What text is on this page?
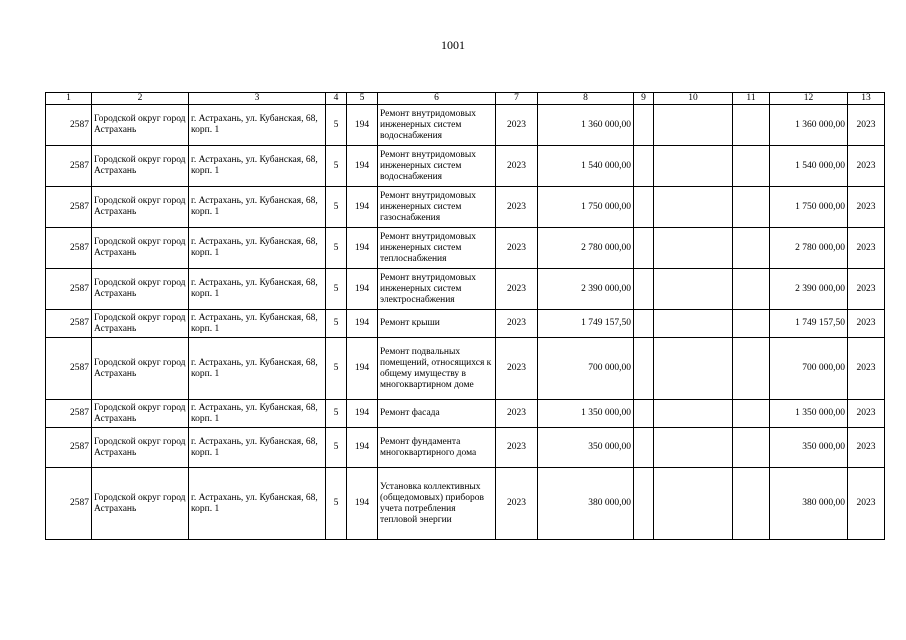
1001
1	2	3	4	5	6	7	8	9	10	11	12	13
2587	Городской округ город Астрахань	г. Астрахань, ул. Кубанская, 68, корп. 1	5	194	Ремонт внутридомовых инженерных систем водоснабжения	2023	1 360 000,00				1 360 000,00	2023
2587	Городской округ город Астрахань	г. Астрахань, ул. Кубанская, 68, корп. 1	5	194	Ремонт внутридомовых инженерных систем водоснабжения	2023	1 540 000,00				1 540 000,00	2023
2587	Городской округ город Астрахань	г. Астрахань, ул. Кубанская, 68, корп. 1	5	194	Ремонт внутридомовых инженерных систем газоснабжения	2023	1 750 000,00				1 750 000,00	2023
2587	Городской округ город Астрахань	г. Астрахань, ул. Кубанская, 68, корп. 1	5	194	Ремонт внутридомовых инженерных систем теплоснабжения	2023	2 780 000,00				2 780 000,00	2023
2587	Городской округ город Астрахань	г. Астрахань, ул. Кубанская, 68, корп. 1	5	194	Ремонт внутридомовых инженерных систем электроснабжения	2023	2 390 000,00				2 390 000,00	2023
2587	Городской округ город Астрахань	г. Астрахань, ул. Кубанская, 68, корп. 1	5	194	Ремонт крыши	2023	1 749 157,50				1 749 157,50	2023
2587	Городской округ город Астрахань	г. Астрахань, ул. Кубанская, 68, корп. 1	5	194	Ремонт подвальных помещений, относящихся к общему имуществу в многоквартирном доме	2023	700 000,00				700 000,00	2023
2587	Городской округ город Астрахань	г. Астрахань, ул. Кубанская, 68, корп. 1	5	194	Ремонт фасада	2023	1 350 000,00				1 350 000,00	2023
2587	Городской округ город Астрахань	г. Астрахань, ул. Кубанская, 68, корп. 1	5	194	Ремонт фундамента многоквартирного дома	2023	350 000,00				350 000,00	2023
2587	Городской округ город Астрахань	г. Астрахань, ул. Кубанская, 68, корп. 1	5	194	Установка коллективных (общедомовых) приборов учета потребления тепловой энергии	2023	380 000,00				380 000,00	2023
